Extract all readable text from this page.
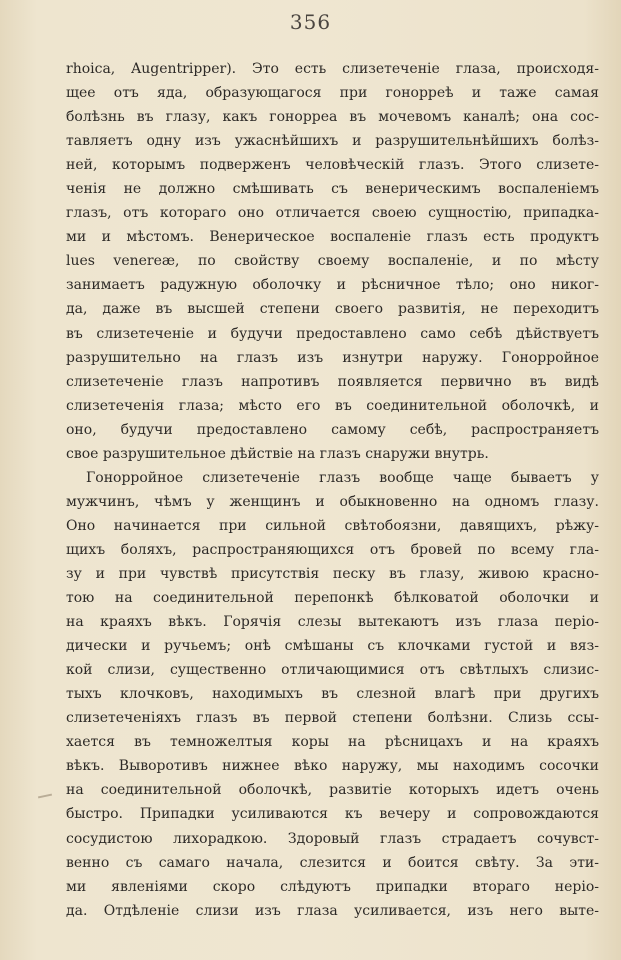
356
rhoica, Augentripper). Это есть слизетеченіе глаза, происходя-
щее отъ яда, образующагося при гонорреѣ и таже самая
болѣзнь въ глазу, какъ гонорреа въ мочевомъ каналѣ; она сос-
тавляетъ одну изъ ужаснѣйшихъ и разрушительнѣйшихъ болѣз-
ней, которымъ подверженъ человѣческій глазъ. Этого слизете-
ченія не должно смѣшивать съ венерическимъ воспаленіемъ
глазъ, отъ котораго оно отличается своею сущностію, припадка-
ми и мѣстомъ. Венерическое воспаленіе глазъ есть продуктъ
lues venereæ, по свойству своему воспаленіе, и по мѣсту
занимаетъ радужную оболочку и рѣсничное тѣло; оно никог-
да, даже въ высшей степени своего развитія, не переходитъ
въ слизетеченіе и будучи предоставлено само себѣ дѣйствуетъ
разрушительно на глазъ изъ изнутри наружу. Гонорройное
слизетеченіе глазъ напротивъ появляется первично въ видѣ
слизетеченія глаза; мѣсто его въ соединительной оболочкѣ, и
оно, будучи предоставлено самому себѣ, распространяетъ
свое разрушительное дѣйствіе на глазъ снаружи внутрь.
Гонорройное слизетеченіе глазъ вообще чаще бываетъ у
мужчинъ, чѣмъ у женщинъ и обыкновенно на одномъ глазу.
Оно начинается при сильной свѣтобоязни, давящихъ, рѣжу-
щихъ боляхъ, распространяющихся отъ бровей по всему гла-
зу и при чувствѣ присутствія песку въ глазу, живою красно-
тою на соединительной перепонкѣ бѣлковатой оболочки и
на краяхъ вѣкъ. Горячія слезы вытекаютъ изъ глаза періо-
дически и ручьемъ; онѣ смѣшаны съ клочками густой и вяз-
кой слизи, существенно отличающимися отъ свѣтлыхъ слизис-
тыхъ клочковъ, находимыхъ въ слезной влагѣ при другихъ
слизетеченіяхъ глазъ въ первой степени болѣзни. Слизь ссы-
хается въ темножелтыя коры на рѣсницахъ и на краяхъ
вѣкъ. Выворотивъ нижнее вѣко наружу, мы находимъ сосочки
на соединительной оболочкѣ, развитіе которыхъ идетъ очень
быстро. Припадки усиливаются къ вечеру и сопровождаются
сосудистою лихорадкою. Здоровый глазъ страдаетъ сочувст-
венно съ самаго начала, слезится и боится свѣту. За эти-
ми явленіями скоро слѣдуютъ припадки втораго неріо-
да. Отдѣленіе слизи изъ глаза усиливается, изъ него выте-
